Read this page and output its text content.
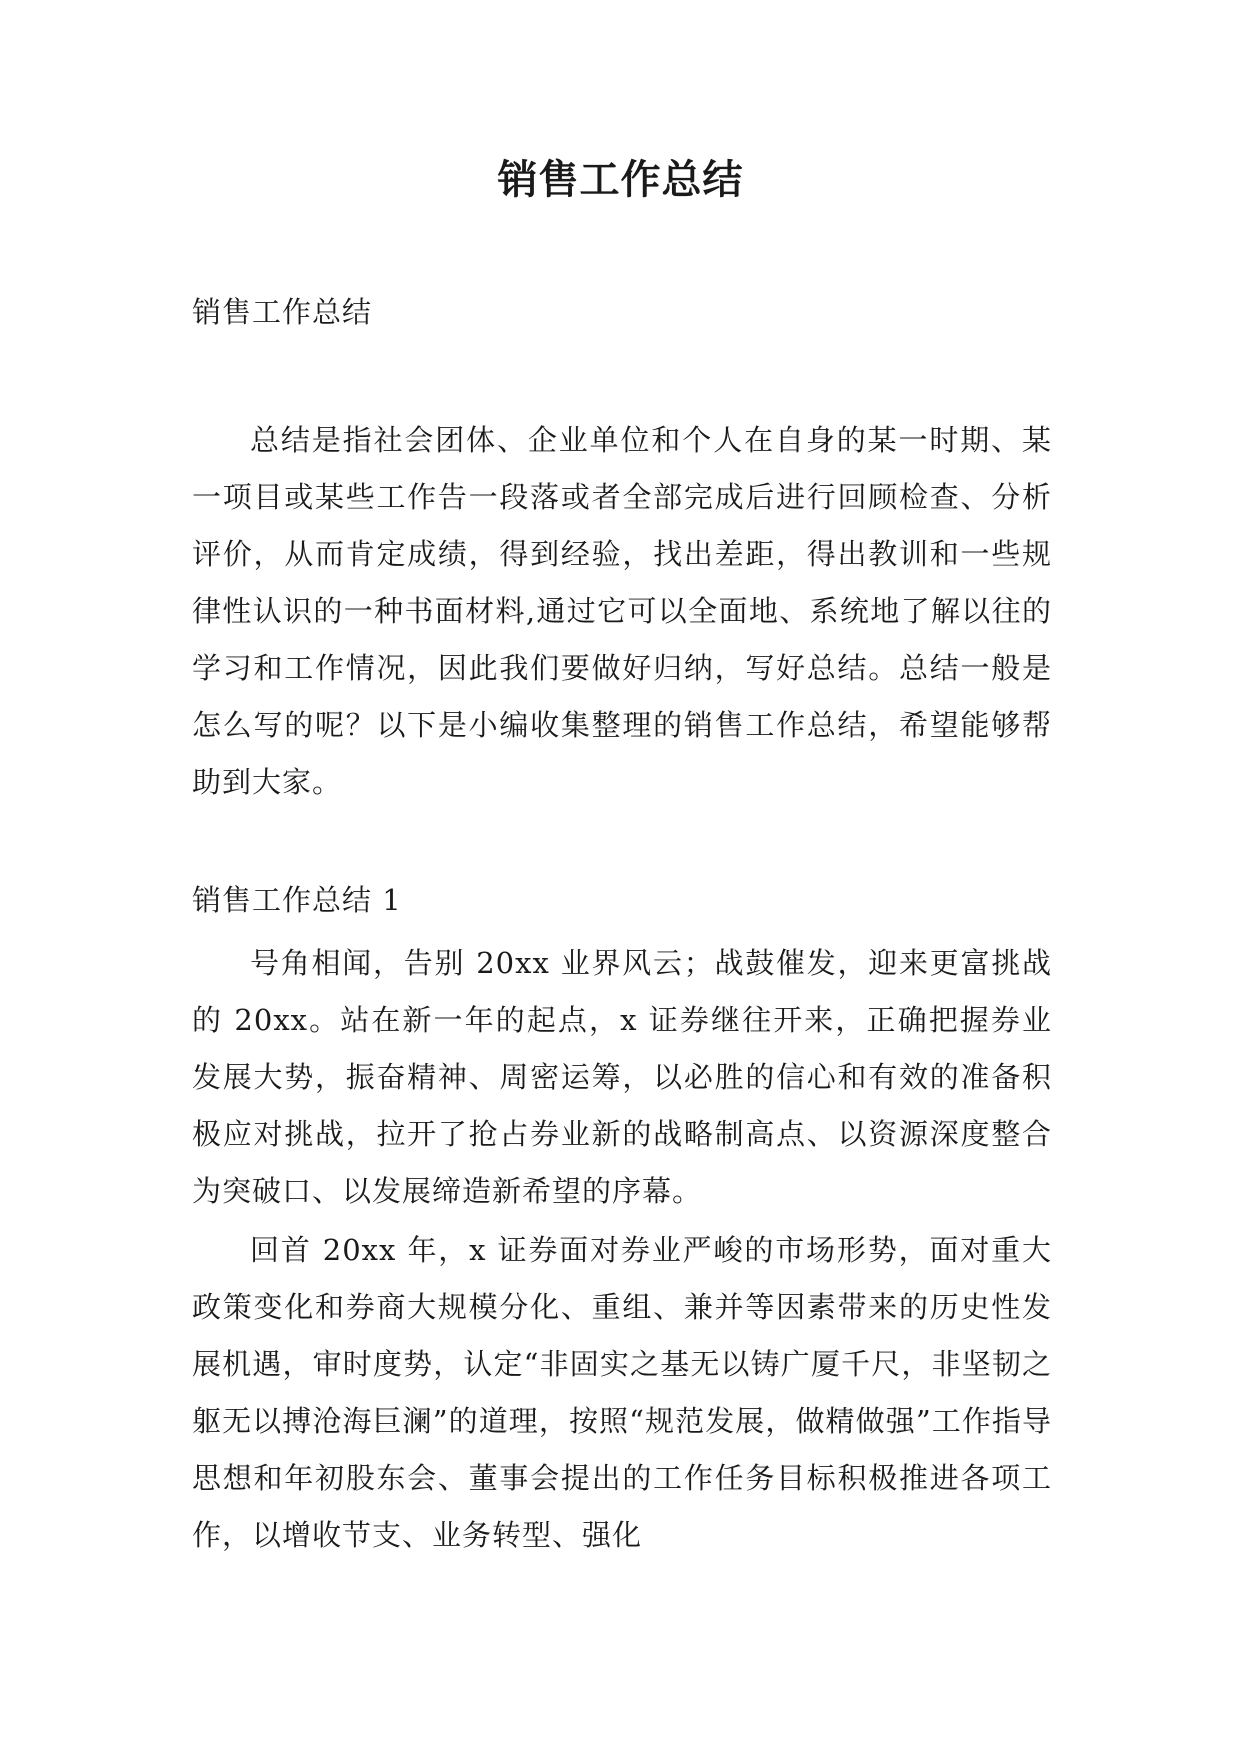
销售工作总结

销售工作总结

总结是指社会团体、企业单位和个人在自身的某一时期、某一项目或某些工作告一段落或者全部完成后进行回顾检查、分析评价，从而肯定成绩，得到经验，找出差距，得出教训和一些规律性认识的一种书面材料,通过它可以全面地、系统地了解以往的学习和工作情况，因此我们要做好归纳，写好总结。总结一般是怎么写的呢？以下是小编收集整理的销售工作总结，希望能够帮助到大家。

销售工作总结 1

号角相闻，告别 20xx 业界风云；战鼓催发，迎来更富挑战的 20xx。站在新一年的起点，x 证券继往开来，正确把握券业发展大势，振奋精神、周密运筹，以必胜的信心和有效的准备积极应对挑战，拉开了抢占券业新的战略制高点、以资源深度整合为突破口、以发展缔造新希望的序幕。

回首 20xx 年，x 证券面对券业严峻的市场形势，面对重大政策变化和券商大规模分化、重组、兼并等因素带来的历史性发展机遇，审时度势，认定“非固实之基无以铸广厦千尺，非坚韧之躯无以搏沧海巨澜”的道理，按照“规范发展，做精做强”工作指导思想和年初股东会、董事会提出的工作任务目标积极推进各项工作，以增收节支、业务转型、强化
